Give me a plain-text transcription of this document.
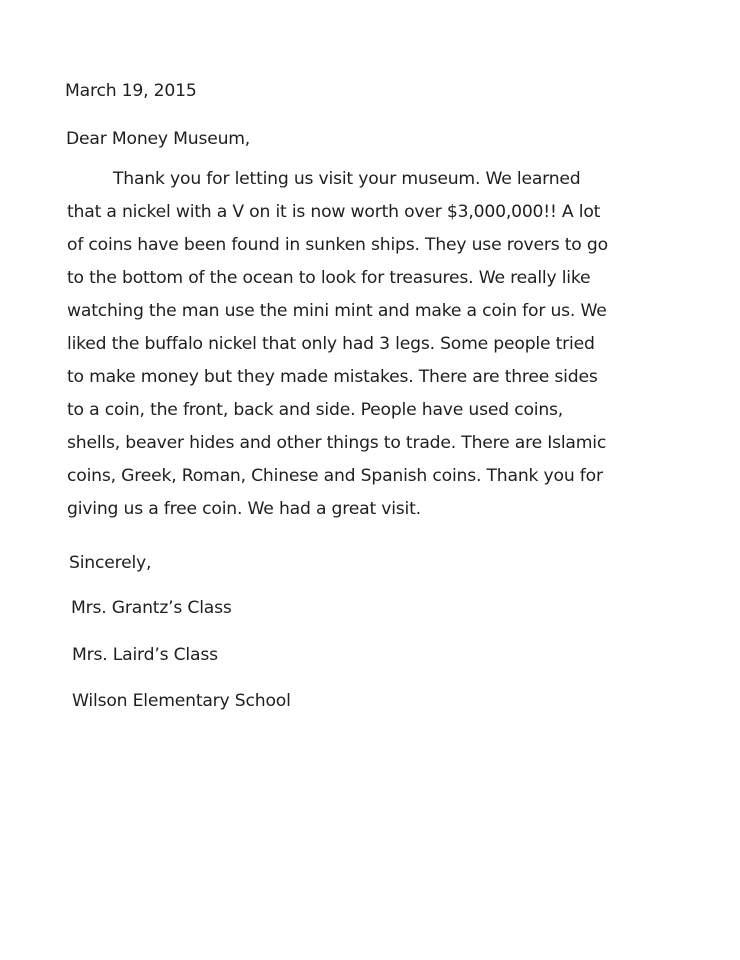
March 19, 2015
Dear Money Museum,
Thank you for letting us visit your museum. We learned
that a nickel with a V on it is now worth over $3,000,000!! A lot
of coins have been found in sunken ships. They use rovers to go
to the bottom of the ocean to look for treasures. We really like
watching the man use the mini mint and make a coin for us. We
liked the buffalo nickel that only had 3 legs. Some people tried
to make money but they made mistakes. There are three sides
to a coin, the front, back and side. People have used coins,
shells, beaver hides and other things to trade. There are Islamic
coins, Greek, Roman, Chinese and Spanish coins. Thank you for
giving us a free coin. We had a great visit.
Sincerely,
Mrs. Grantz’s Class
Mrs. Laird’s Class
Wilson Elementary School
